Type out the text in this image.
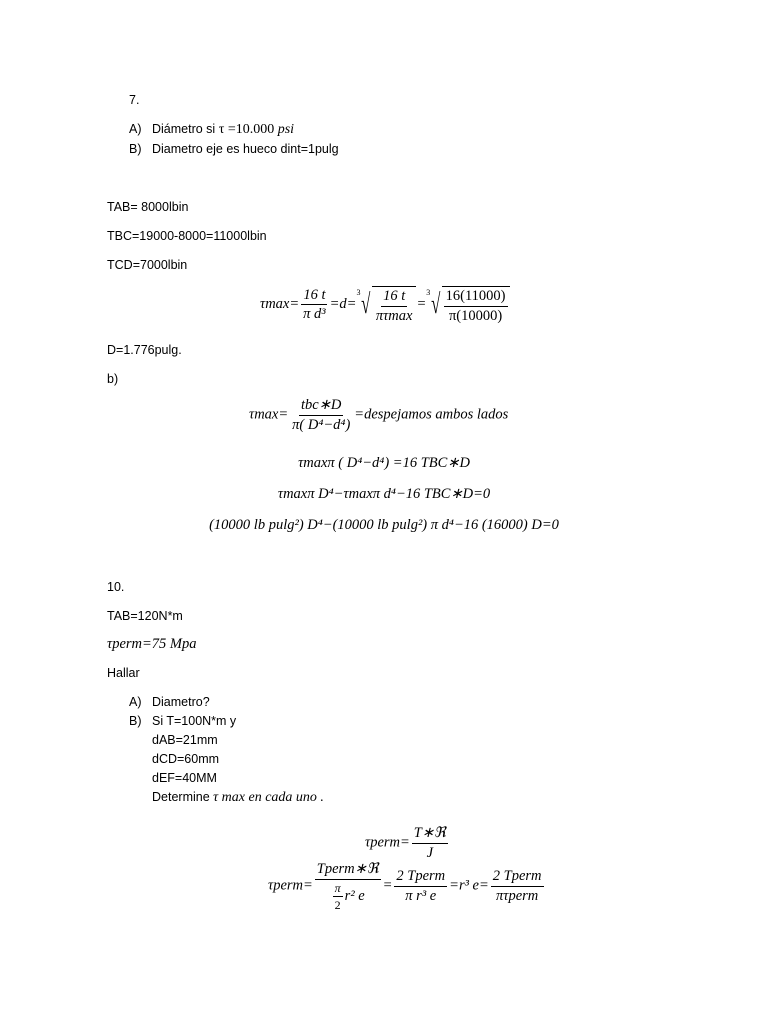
7.
A) Diámetro si τ =10.000 psi
B) Diametro eje es hueco dint=1pulg
TAB= 8000lbin
TBC=19000-8000=11000lbin
TCD=7000lbin
$\tau\max= \frac{16 t}{\text{π d³}} =d=$
3 √ $\frac{16 t}{\pi\tau\max}$ =
3 √ $\frac{16(11000)}{\pi(10000)}$
D=1.776pulg.
b)
$\tau\max= \frac{\text{tbc∗D}}{\text{π( D⁴−d⁴)}}$ =despejamos ambos lados
τmaxπ ( D⁴−d⁴) =16 TBC∗D
τmaxπ D⁴−τmaxπ d⁴−16 TBC∗D=0
(10000 lb pulg²) D⁴−(10000 lb pulg²) π d⁴−16 (16000) D=0
10.
TAB=120N*m
τperm=75 Mpa
Hallar
A) Diametro?
B) Si T=100N*m y
dAB=21mm
dCD=60mm
dEF=40MM
Determine τ max en cada uno .
τperm= $\frac{\text{T∗ℜ}}{J}$
τperm= $\frac{\text{Tperm∗ℜ}}{\frac{\pi}{2} r^2 e} = \frac{\text{2 Tperm}}{\text{π r³ e}} =r^3$ $e= \frac{\text{2 Tperm}}{\text{πτperm}}$
